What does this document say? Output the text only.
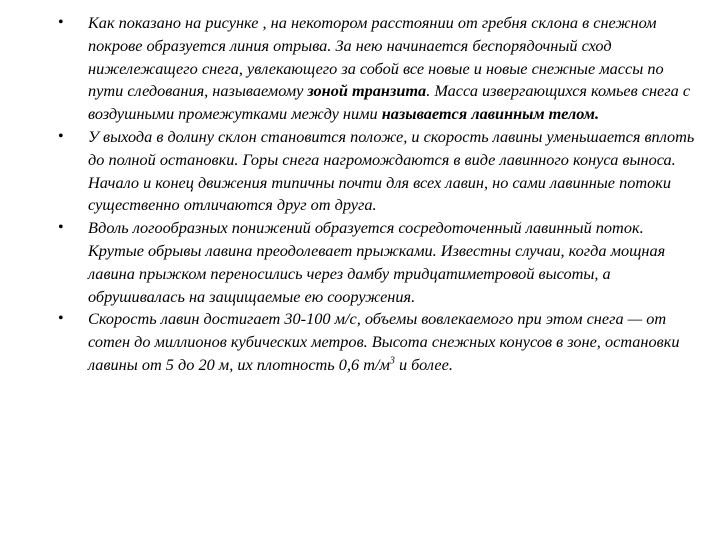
• Как показано на рисунке , на некотором расстоянии от гребня склона в снежном покрове образуется линия отрыва. За нею начинается беспорядочный сход нижележащего снега, увлекающего за собой все новые и новые снежные массы по пути следования, называемому зоной транзита. Масса извергающихся комьев снега с воздушными промежутками между ними называется лавинным телом.
• У выхода в долину склон становится положе, и скорость лавины уменьшается вплоть до полной остановки. Горы снега нагромождаются в виде лавинного конуса выноса. Начало и конец движения типичны почти для всех лавин, но сами лавинные потоки существенно отличаются друг от друга.
• Вдоль логообразных понижений образуется сосредоточенный лавинный поток. Крутые обрывы лавина преодолевает прыжками. Известны случаи, когда мощная лавина прыжком переносились через дамбу тридцатиметровой высоты, а обрушивалась на защищаемые ею сооружения.
• Скорость лавин достигает 30-100 м/с, объемы вовлекаемого при этом снега — от сотен до миллионов кубических метров. Высота снежных конусов в зоне, остановки лавины от 5 до 20 м, их плотность 0,6 $т/м^3$ и более.
